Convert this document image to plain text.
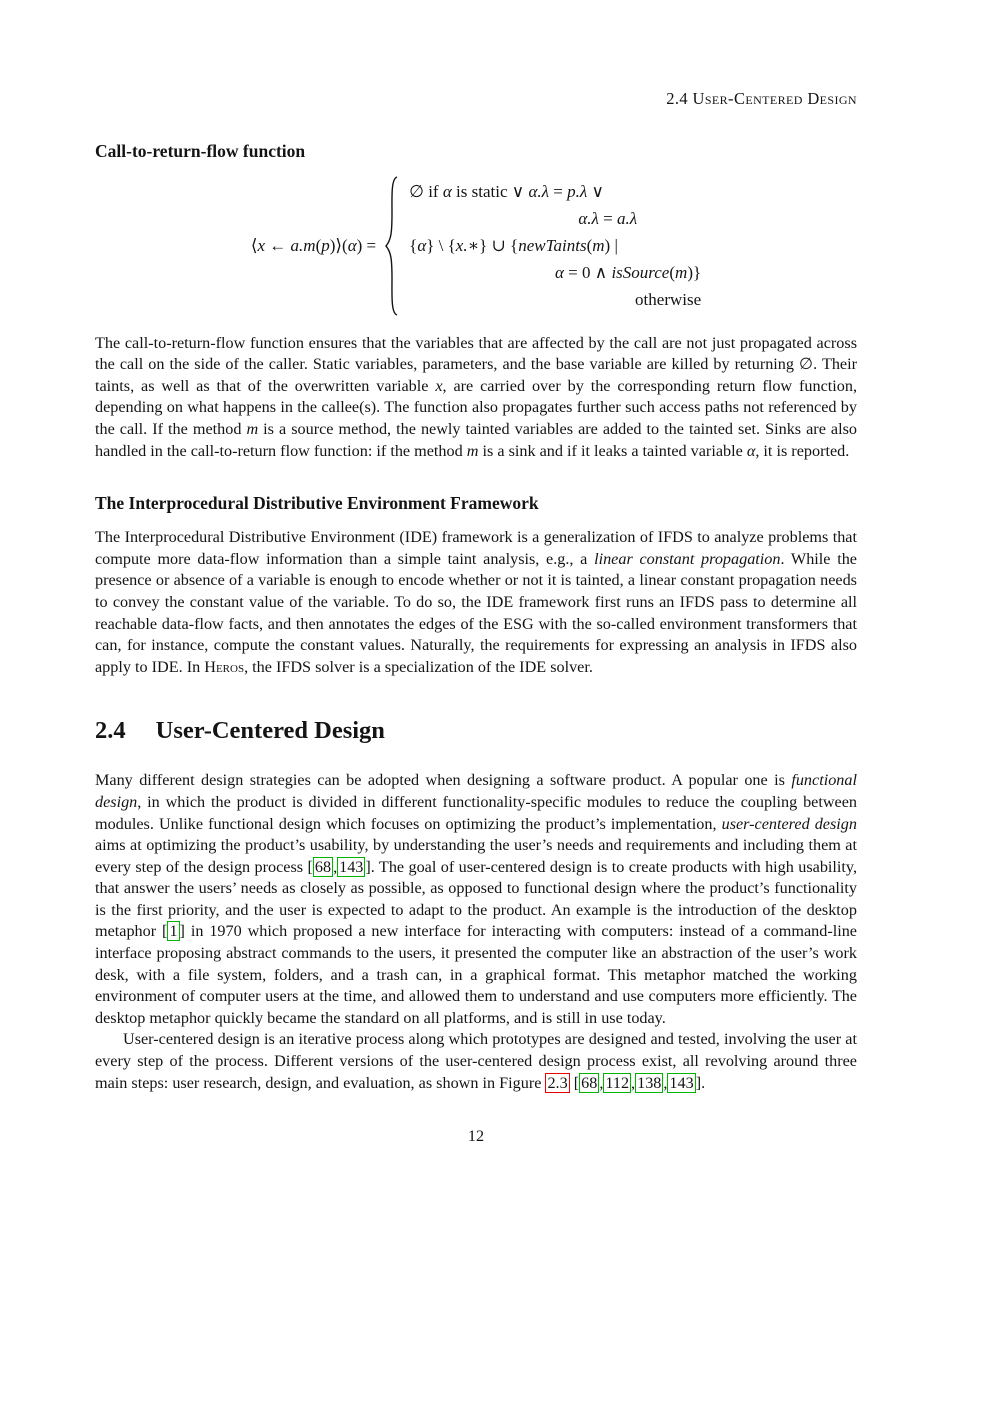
2.4 User-Centered Design
Call-to-return-flow function
⟨x ← a.m(p)⟩(α) =
∅ if α is static ∨ α.λ = p.λ ∨
α.λ = a.λ
{α} \ {x.∗} ∪ {newTaints(m) |
α = 0 ∧ isSource(m)}
otherwise

The call-to-return-flow function ensures that the variables that are affected by the call are not just propagated across the call on the side of the caller. Static variables, parameters, and the base variable are killed by returning ∅. Their taints, as well as that of the overwritten variable x, are carried over by the corresponding return flow function, depending on what happens in the callee(s). The function also propagates further such access paths not referenced by the call. If the method m is a source method, the newly tainted variables are added to the tainted set. Sinks are also handled in the call-to-return flow function: if the method m is a sink and if it leaks a tainted variable α, it is reported.

The Interprocedural Distributive Environment Framework

The Interprocedural Distributive Environment (IDE) framework is a generalization of IFDS to analyze problems that compute more data-flow information than a simple taint analysis, e.g., a linear constant propagation. While the presence or absence of a variable is enough to encode whether or not it is tainted, a linear constant propagation needs to convey the constant value of the variable. To do so, the IDE framework first runs an IFDS pass to determine all reachable data-flow facts, and then annotates the edges of the ESG with the so-called environment transformers that can, for instance, compute the constant values. Naturally, the requirements for expressing an analysis in IFDS also apply to IDE. In Heros, the IFDS solver is a specialization of the IDE solver.

2.4 User-Centered Design

Many different design strategies can be adopted when designing a software product. A popular one is functional design, in which the product is divided in different functionality-specific modules to reduce the coupling between modules. Unlike functional design which focuses on optimizing the product’s implementation, user-centered design aims at optimizing the product’s usability, by understanding the user’s needs and requirements and including them at every step of the design process [ 68 , 143 ]. The goal of user-centered design is to create products with high usability, that answer the users’ needs as closely as possible, as opposed to functional design where the product’s functionality is the first priority, and the user is expected to adapt to the product. An example is the introduction of the desktop metaphor [ 1 ] in 1970 which proposed a new interface for interacting with computers: instead of a command-line interface proposing abstract commands to the users, it presented the computer like an abstraction of the user’s work desk, with a file system, folders, and a trash can, in a graphical format. This metaphor matched the working environment of computer users at the time, and allowed them to understand and use computers more efficiently. The desktop metaphor quickly became the standard on all platforms, and is still in use today.

User-centered design is an iterative process along which prototypes are designed and tested, involving the user at every step of the process. Different versions of the user-centered design process exist, all revolving around three main steps: user research, design, and evaluation, as shown in Figure 2.3 [ 68 , 112 , 138 , 143 ].

12
